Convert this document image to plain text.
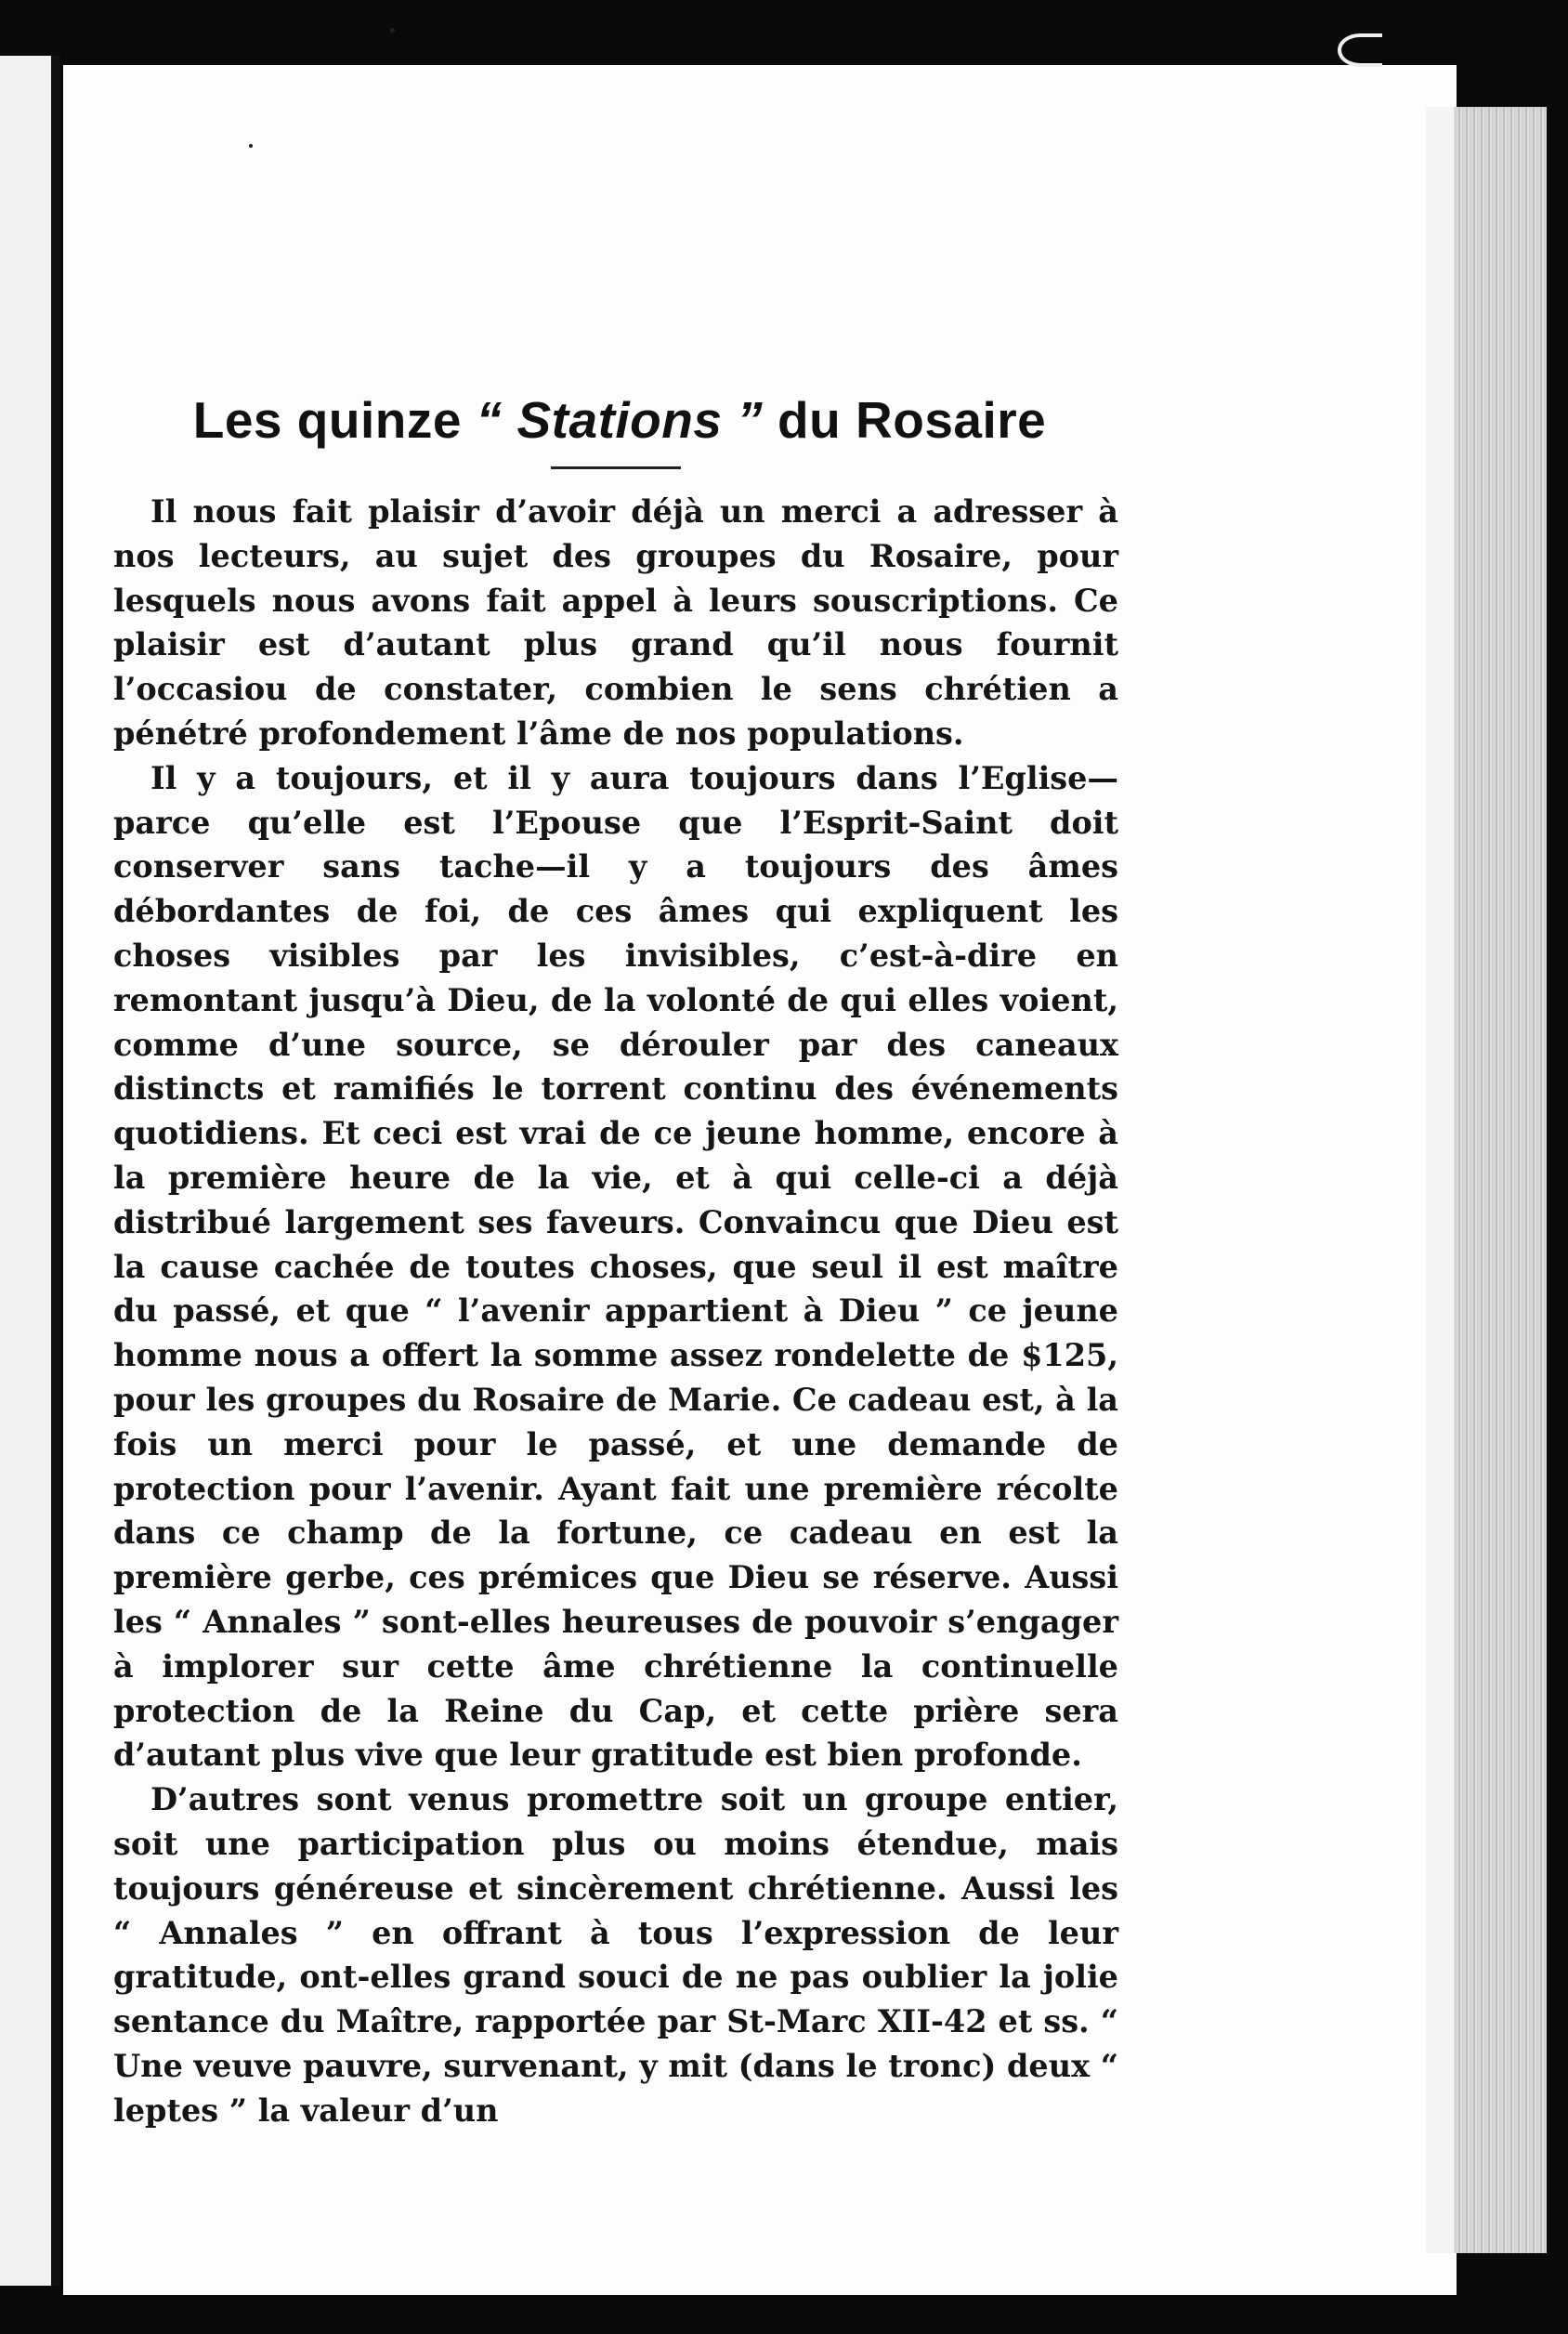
Les quinze “ Stations ” du Rosaire

Il nous fait plaisir d’avoir déjà un merci a adresser à nos lecteurs, au sujet des groupes du Rosaire, pour lesquels nous avons fait appel à leurs souscriptions. Ce plaisir est d’autant plus grand qu’il nous fournit l’occasiou de constater, combien le sens chrétien a pénétré profondement l’âme de nos populations.

Il y a toujours, et il y aura toujours dans l’Eglise—parce qu’elle est l’Epouse que l’Esprit-Saint doit conserver sans tache—il y a toujours des âmes débordantes de foi, de ces âmes qui expliquent les choses visibles par les invisibles, c’est-à-dire en remontant jusqu’à Dieu, de la volonté de qui elles voient, comme d’une source, se dérouler par des caneaux distincts et ramifiés le torrent continu des événements quotidiens. Et ceci est vrai de ce jeune homme, encore à la première heure de la vie, et à qui celle-ci a déjà distribué largement ses faveurs. Convaincu que Dieu est la cause cachée de toutes choses, que seul il est maître du passé, et que “ l’avenir appartient à Dieu ” ce jeune homme nous a offert la somme assez rondelette de $125, pour les groupes du Rosaire de Marie. Ce cadeau est, à la fois un merci pour le passé, et une demande de protection pour l’avenir. Ayant fait une première récolte dans ce champ de la fortune, ce cadeau en est la première gerbe, ces prémices que Dieu se réserve. Aussi les “ Annales ” sont-elles heureuses de pouvoir s’engager à implorer sur cette âme chrétienne la continuelle protection de la Reine du Cap, et cette prière sera d’autant plus vive que leur gratitude est bien profonde.

D’autres sont venus promettre soit un groupe entier, soit une participation plus ou moins étendue, mais toujours généreuse et sincèrement chrétienne. Aussi les “ Annales ” en offrant à tous l’expression de leur gratitude, ont-elles grand souci de ne pas oublier la jolie sentance du Maître, rapportée par St-Marc XII-42 et ss. “ Une veuve pauvre, survenant, y mit (dans le tronc) deux “ leptes ” la valeur d’un
